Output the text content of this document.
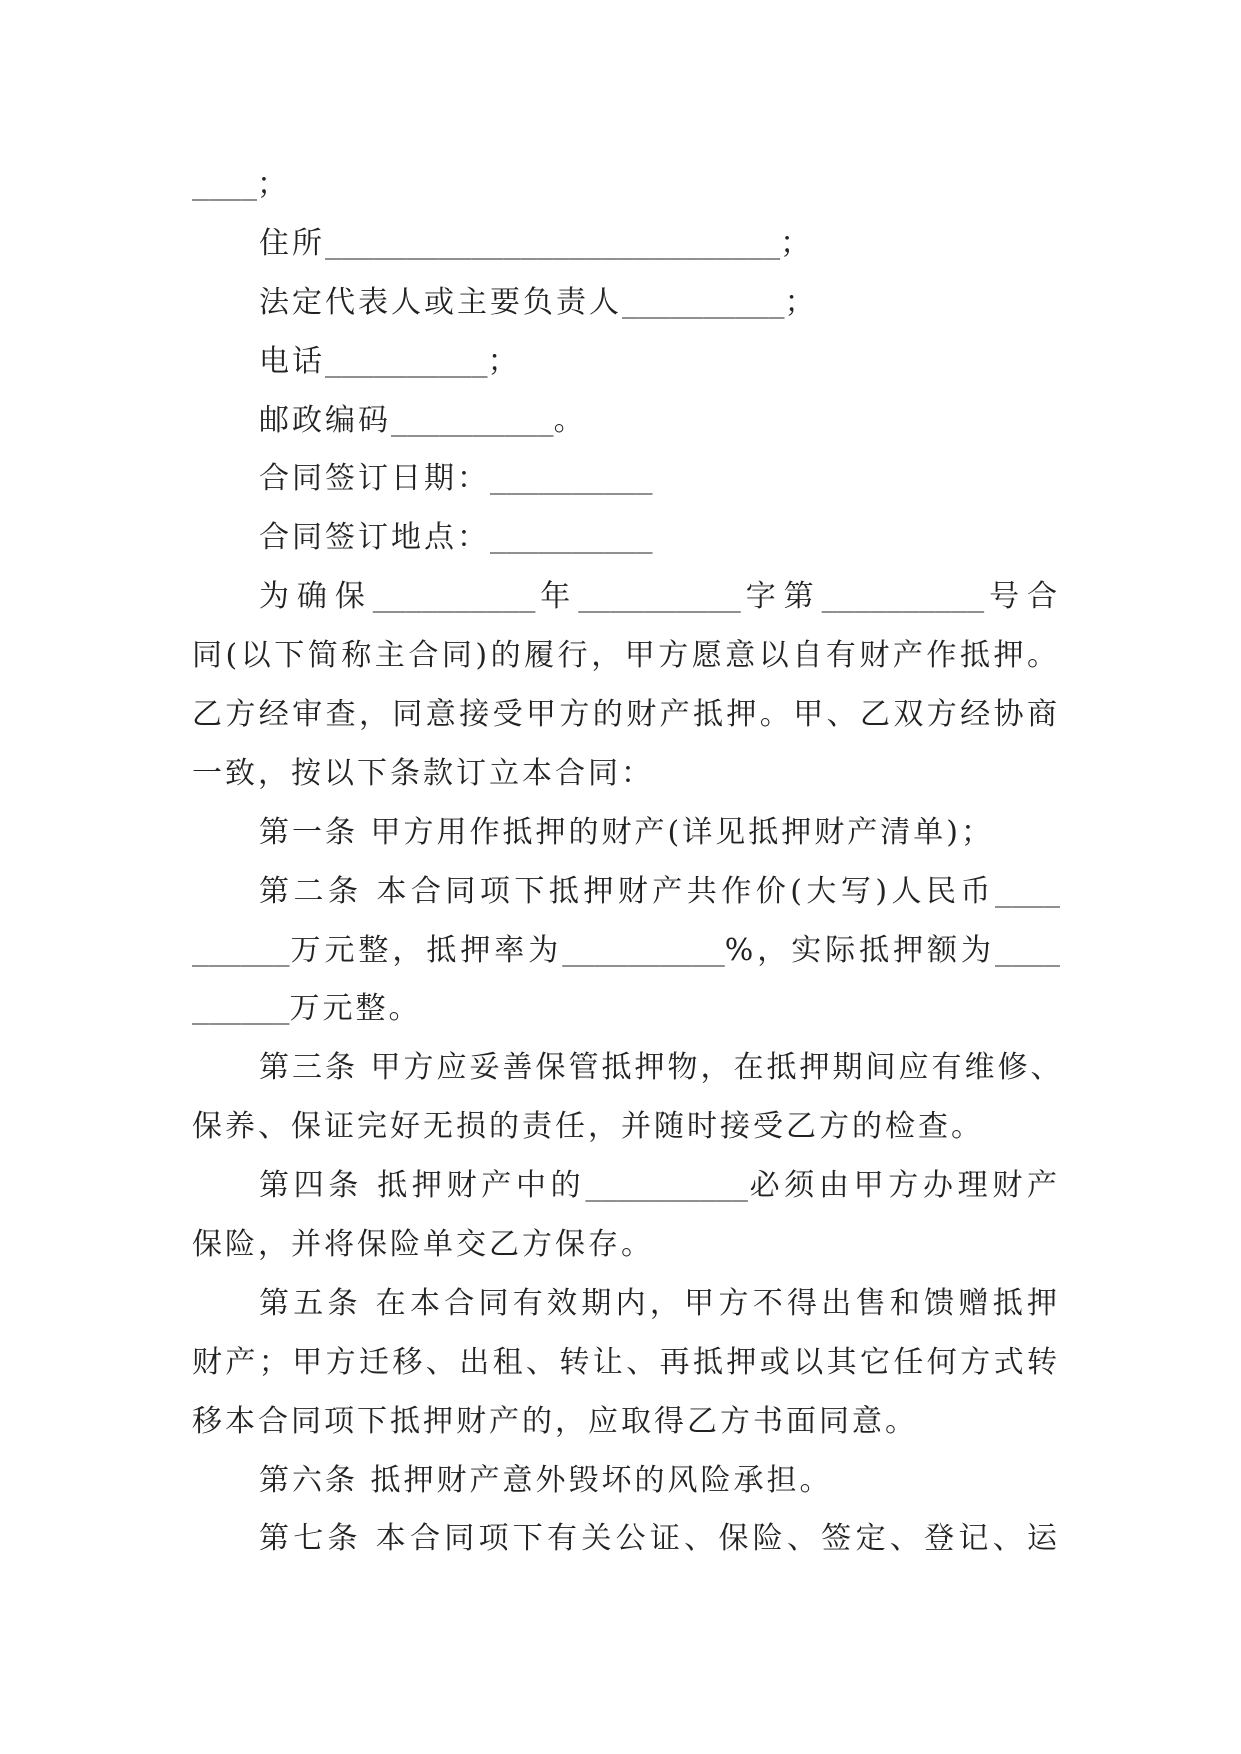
____；
住所____________________________；
法定代表人或主要负责人__________；
电话__________；
邮政编码__________。
合同签订日期：__________
合同签订地点：__________
为确保__________年__________字第__________号合
同(以下简称主合同)的履行，甲方愿意以自有财产作抵押。
乙方经审查，同意接受甲方的财产抵押。甲、乙双方经协商
一致，按以下条款订立本合同：
第一条 甲方用作抵押的财产(详见抵押财产清单)；
第二条 本合同项下抵押财产共作价(大写)人民币____
______万元整，抵押率为__________%，实际抵押额为____
______万元整。
第三条 甲方应妥善保管抵押物，在抵押期间应有维修、
保养、保证完好无损的责任，并随时接受乙方的检查。
第四条 抵押财产中的__________必须由甲方办理财产
保险，并将保险单交乙方保存。
第五条 在本合同有效期内，甲方不得出售和馈赠抵押
财产；甲方迁移、出租、转让、再抵押或以其它任何方式转
移本合同项下抵押财产的，应取得乙方书面同意。
第六条 抵押财产意外毁坏的风险承担。
第七条 本合同项下有关公证、保险、签定、登记、运
